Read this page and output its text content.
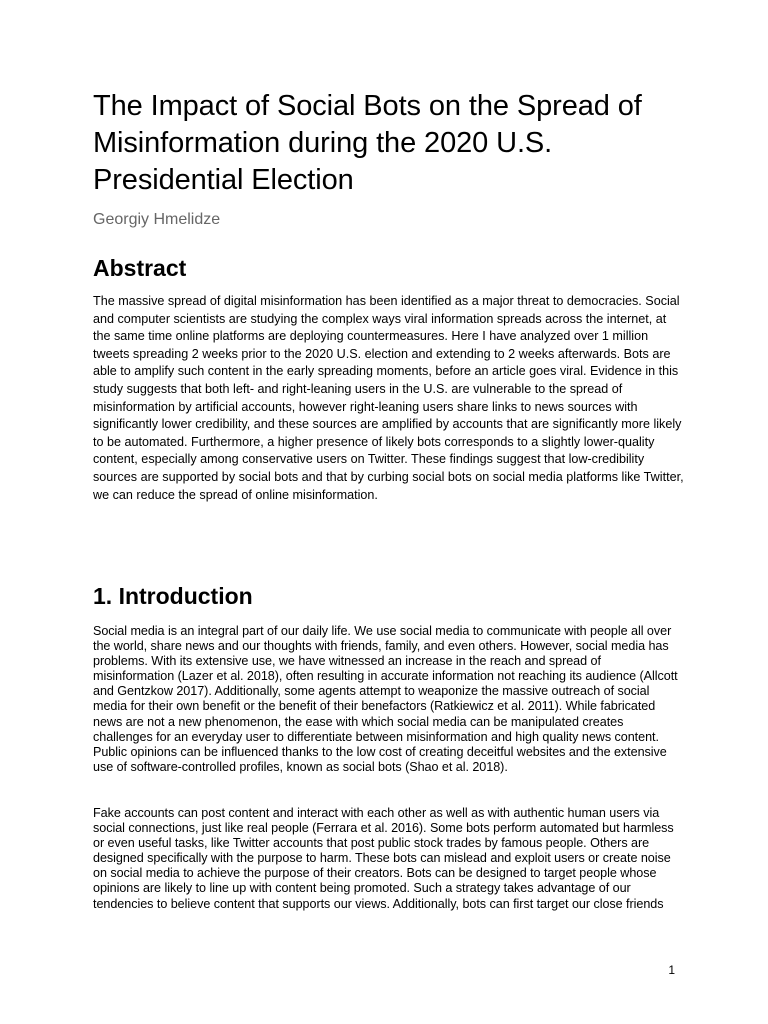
The Impact of Social Bots on the Spread of Misinformation during the 2020 U.S. Presidential Election

Georgiy Hmelidze

Abstract

The massive spread of digital misinformation has been identified as a major threat to democracies. Social and computer scientists are studying the complex ways viral information spreads across the internet, at the same time online platforms are deploying countermeasures. Here I have analyzed over 1 million tweets spreading 2 weeks prior to the 2020 U.S. election and extending to 2 weeks afterwards. Bots are able to amplify such content in the early spreading moments, before an article goes viral. Evidence in this study suggests that both left- and right-leaning users in the U.S. are vulnerable to the spread of misinformation by artificial accounts, however right-leaning users share links to news sources with significantly lower credibility, and these sources are amplified by accounts that are significantly more likely to be automated. Furthermore, a higher presence of likely bots corresponds to a slightly lower-quality content, especially among conservative users on Twitter. These findings suggest that low-credibility sources are supported by social bots and that by curbing social bots on social media platforms like Twitter, we can reduce the spread of online misinformation.

1. Introduction

Social media is an integral part of our daily life. We use social media to communicate with people all over the world, share news and our thoughts with friends, family, and even others. However, social media has problems. With its extensive use, we have witnessed an increase in the reach and spread of misinformation (Lazer et al. 2018), often resulting in accurate information not reaching its audience (Allcott and Gentzkow 2017). Additionally, some agents attempt to weaponize the massive outreach of social media for their own benefit or the benefit of their benefactors (Ratkiewicz et al. 2011). While fabricated news are not a new phenomenon, the ease with which social media can be manipulated creates challenges for an everyday user to differentiate between misinformation and high quality news content. Public opinions can be influenced thanks to the low cost of creating deceitful websites and the extensive use of software-controlled profiles, known as social bots (Shao et al. 2018).

Fake accounts can post content and interact with each other as well as with authentic human users via social connections, just like real people (Ferrara et al. 2016). Some bots perform automated but harmless or even useful tasks, like Twitter accounts that post public stock trades by famous people. Others are designed specifically with the purpose to harm. These bots can mislead and exploit users or create noise on social media to achieve the purpose of their creators. Bots can be designed to target people whose opinions are likely to line up with content being promoted. Such a strategy takes advantage of our tendencies to believe content that supports our views. Additionally, bots can first target our close friends

1
